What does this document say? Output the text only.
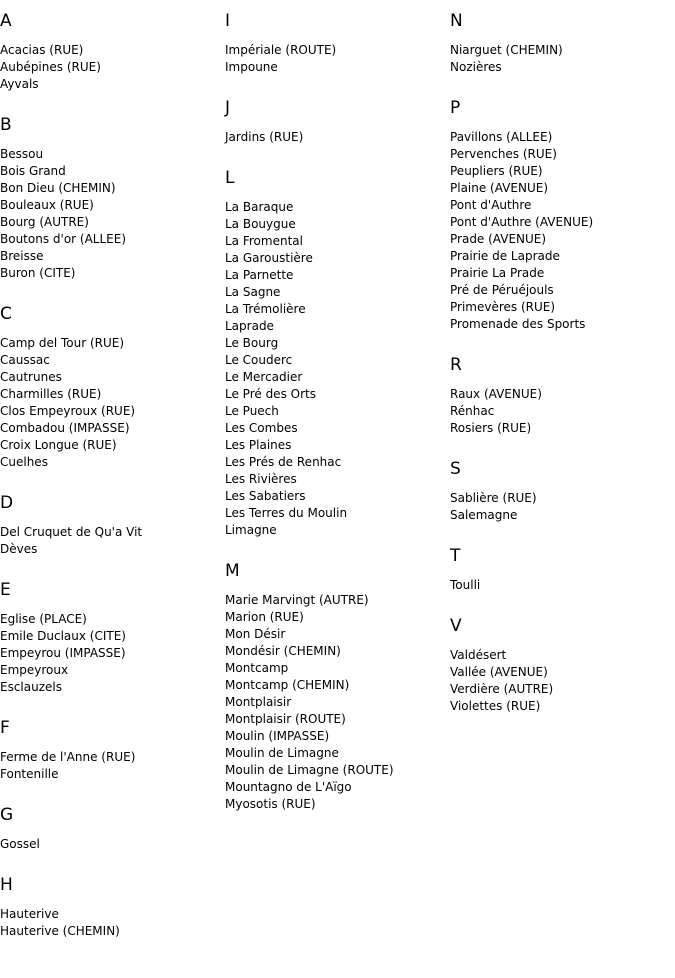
A
Acacias (RUE)
Aubépines (RUE)
Ayvals
B
Bessou
Bois Grand
Bon Dieu (CHEMIN)
Bouleaux (RUE)
Bourg (AUTRE)
Boutons d'or (ALLEE)
Breisse
Buron (CITE)
C
Camp del Tour (RUE)
Caussac
Cautrunes
Charmilles (RUE)
Clos Empeyroux (RUE)
Combadou (IMPASSE)
Croix Longue (RUE)
Cuelhes
D
Del Cruquet de Qu'a Vit
Dèves
E
Eglise (PLACE)
Emile Duclaux (CITE)
Empeyrou (IMPASSE)
Empeyroux
Esclauzels
F
Ferme de l'Anne (RUE)
Fontenille
G
Gossel
H
Hauterive
Hauterive (CHEMIN)
I
Impériale (ROUTE)
Impoune
J
Jardins (RUE)
L
La Baraque
La Bouygue
La Fromental
La Garoustière
La Parnette
La Sagne
La Trémolière
Laprade
Le Bourg
Le Couderc
Le Mercadier
Le Pré des Orts
Le Puech
Les Combes
Les Plaines
Les Prés de Renhac
Les Rivières
Les Sabatiers
Les Terres du Moulin
Limagne
M
Marie Marvingt (AUTRE)
Marion (RUE)
Mon Désir
Mondésir (CHEMIN)
Montcamp
Montcamp (CHEMIN)
Montplaisir
Montplaisir (ROUTE)
Moulin (IMPASSE)
Moulin de Limagne
Moulin de Limagne (ROUTE)
Mountagno de L'Aïgo
Myosotis (RUE)
N
Niarguet (CHEMIN)
Nozières
P
Pavillons (ALLEE)
Pervenches (RUE)
Peupliers (RUE)
Plaine (AVENUE)
Pont d'Authre
Pont d'Authre (AVENUE)
Prade (AVENUE)
Prairie de Laprade
Prairie La Prade
Pré de Péruéjouls
Primevères (RUE)
Promenade des Sports
R
Raux (AVENUE)
Rénhac
Rosiers (RUE)
S
Sablière (RUE)
Salemagne
T
Toulli
V
Valdésert
Vallée (AVENUE)
Verdière (AUTRE)
Violettes (RUE)
